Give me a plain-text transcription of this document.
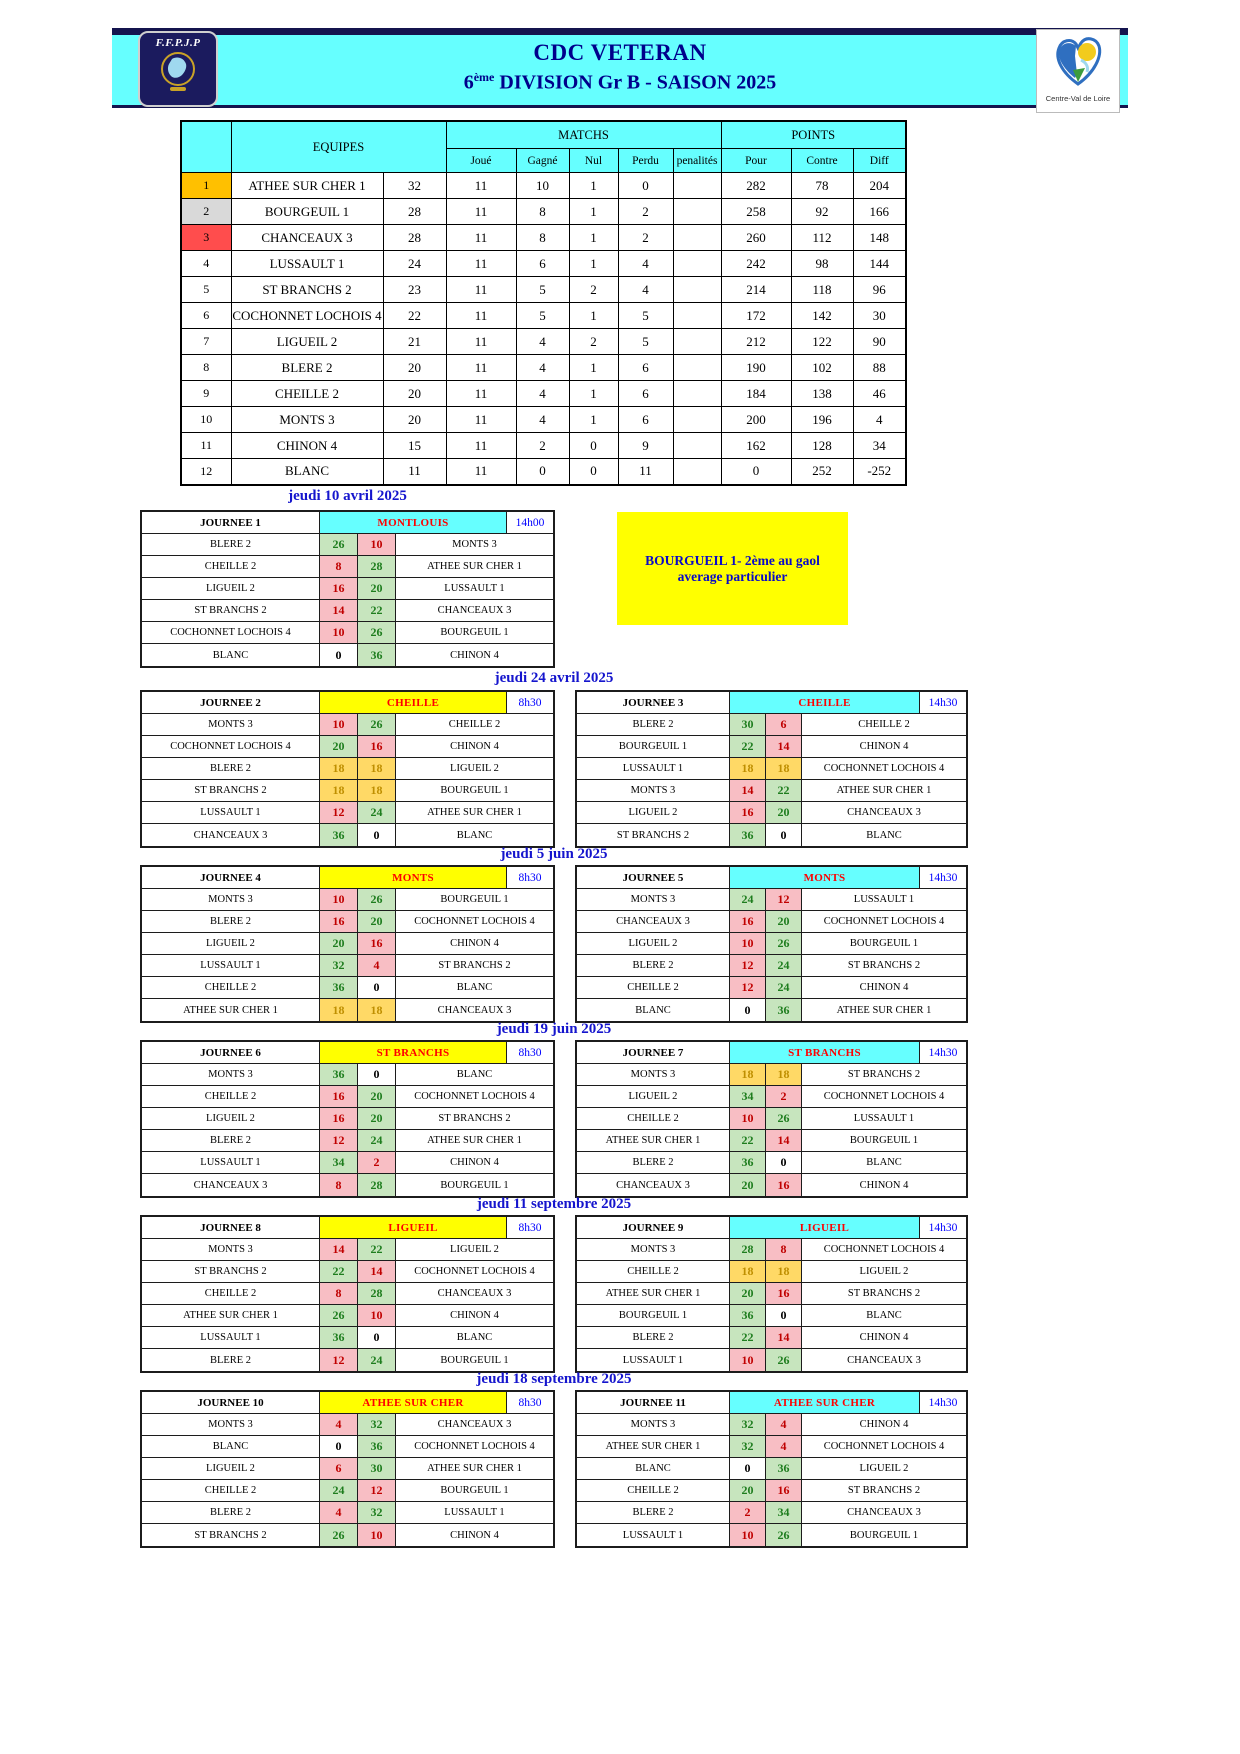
F.F.P.J.P	CDC VETERAN
6ème DIVISION Gr B - SAISON 2025
Centre-Val de Loire
	EQUIPES		MATCHS					POINTS		
			Joué	Gagné	Nul	Perdu	penalités	Pour	Contre	Diff
1	ATHEE SUR CHER 1	32	11	10	1	0		282	78	204
2	BOURGEUIL 1	28	11	8	1	2		258	92	166
3	CHANCEAUX 3	28	11	8	1	2		260	112	148
4	LUSSAULT 1	24	11	6	1	4		242	98	144
5	ST BRANCHS 2	23	11	5	2	4		214	118	96
6	COCHONNET LOCHOIS 4	22	11	5	1	5		172	142	30
7	LIGUEIL 2	21	11	4	2	5		212	122	90
8	BLERE 2	20	11	4	1	6		190	102	88
9	CHEILLE 2	20	11	4	1	6		184	138	46
10	MONTS 3	20	11	4	1	6		200	196	4
11	CHINON 4	15	11	2	0	9		162	128	34
12	BLANC	11	11	0	0	11		0	252	-252
BOURGUEIL 1- 2ème au gaol average particulier
jeudi 10 avril 2025
JOURNEE 1	MONTLOUIS	14h00
BLERE 2	26	10	MONTS 3
CHEILLE 2	8	28	ATHEE SUR CHER 1
LIGUEIL 2	16	20	LUSSAULT 1
ST BRANCHS 2	14	22	CHANCEAUX 3
COCHONNET LOCHOIS 4	10	26	BOURGEUIL 1
BLANC	0	36	CHINON 4
jeudi 24 avril 2025
JOURNEE 2	CHEILLE	8h30
MONTS 3	10	26	CHEILLE 2
COCHONNET LOCHOIS 4	20	16	CHINON 4
BLERE 2	18	18	LIGUEIL 2
ST BRANCHS 2	18	18	BOURGEUIL 1
LUSSAULT 1	12	24	ATHEE SUR CHER 1
CHANCEAUX 3	36	0	BLANC
JOURNEE 3	CHEILLE	14h30
BLERE 2	30	6	CHEILLE 2
BOURGEUIL 1	22	14	CHINON 4
LUSSAULT 1	18	18	COCHONNET LOCHOIS 4
MONTS 3	14	22	ATHEE SUR CHER 1
LIGUEIL 2	16	20	CHANCEAUX 3
ST BRANCHS 2	36	0	BLANC
jeudi 5 juin 2025
JOURNEE 4	MONTS	8h30
MONTS 3	10	26	BOURGEUIL 1
BLERE 2	16	20	COCHONNET LOCHOIS 4
LIGUEIL 2	20	16	CHINON 4
LUSSAULT 1	32	4	ST BRANCHS 2
CHEILLE 2	36	0	BLANC
ATHEE SUR CHER 1	18	18	CHANCEAUX 3
JOURNEE 5	MONTS	14h30
MONTS 3	24	12	LUSSAULT 1
CHANCEAUX 3	16	20	COCHONNET LOCHOIS 4
LIGUEIL 2	10	26	BOURGEUIL 1
BLERE 2	12	24	ST BRANCHS 2
CHEILLE 2	12	24	CHINON 4
BLANC	0	36	ATHEE SUR CHER 1
jeudi 19 juin 2025
JOURNEE 6	ST BRANCHS	8h30
MONTS 3	36	0	BLANC
CHEILLE 2	16	20	COCHONNET LOCHOIS 4
LIGUEIL 2	16	20	ST BRANCHS 2
BLERE 2	12	24	ATHEE SUR CHER 1
LUSSAULT 1	34	2	CHINON 4
CHANCEAUX 3	8	28	BOURGEUIL 1
JOURNEE 7	ST BRANCHS	14h30
MONTS 3	18	18	ST BRANCHS 2
LIGUEIL 2	34	2	COCHONNET LOCHOIS 4
CHEILLE 2	10	26	LUSSAULT 1
ATHEE SUR CHER 1	22	14	BOURGEUIL 1
BLERE 2	36	0	BLANC
CHANCEAUX 3	20	16	CHINON 4
jeudi 11 septembre 2025
JOURNEE 8	LIGUEIL	8h30
MONTS 3	14	22	LIGUEIL 2
ST BRANCHS 2	22	14	COCHONNET LOCHOIS 4
CHEILLE 2	8	28	CHANCEAUX 3
ATHEE SUR CHER 1	26	10	CHINON 4
LUSSAULT 1	36	0	BLANC
BLERE 2	12	24	BOURGEUIL 1
JOURNEE 9	LIGUEIL	14h30
MONTS 3	28	8	COCHONNET LOCHOIS 4
CHEILLE 2	18	18	LIGUEIL 2
ATHEE SUR CHER 1	20	16	ST BRANCHS 2
BOURGEUIL 1	36	0	BLANC
BLERE 2	22	14	CHINON 4
LUSSAULT 1	10	26	CHANCEAUX 3
jeudi 18 septembre 2025
JOURNEE 10	ATHEE SUR CHER	8h30
MONTS 3	4	32	CHANCEAUX 3
BLANC	0	36	COCHONNET LOCHOIS 4
LIGUEIL 2	6	30	ATHEE SUR CHER 1
CHEILLE 2	24	12	BOURGEUIL 1
BLERE 2	4	32	LUSSAULT 1
ST BRANCHS 2	26	10	CHINON 4
JOURNEE 11	ATHEE SUR CHER	14h30
MONTS 3	32	4	CHINON 4
ATHEE SUR CHER 1	32	4	COCHONNET LOCHOIS 4
BLANC	0	36	LIGUEIL 2
CHEILLE 2	20	16	ST BRANCHS 2
BLERE 2	2	34	CHANCEAUX 3
LUSSAULT 1	10	26	BOURGEUIL 1
